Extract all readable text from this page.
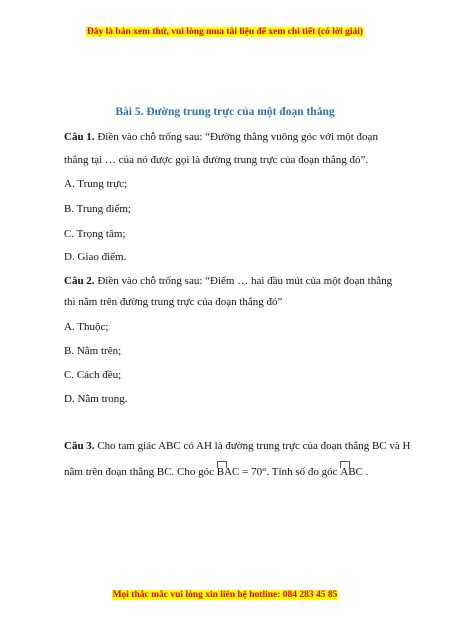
Đây là bản xem thử, vui lòng mua tài liệu để xem chi tiết (có lời giải)
Bài 5. Đường trung trực của một đoạn thẳng
Câu 1. Điền vào chỗ trống sau: “Đường thẳng vuông góc với một đoạn
thẳng tại … của nó được gọi là đường trung trực của đoạn thẳng đó”.
A. Trung trực;
B. Trung điểm;
C. Trọng tâm;
D. Giao điểm.
Câu 2. Điền vào chỗ trống sau: “Điểm … hai đầu mút của một đoạn thẳng
thì nằm trên đường trung trực của đoạn thẳng đó”
A. Thuộc;
B. Nằm trên;
C. Cách đều;
D. Nằm trong.
Câu 3. Cho tam giác ABC có AH là đường trung trực của đoạn thẳng BC và H
nằm trên đoạn thẳng BC. Cho góc
BAC = 70°. Tính số đo góc
ABC .
Mọi thắc mắc vui lòng xin liên hệ hotline: 084 283 45 85
